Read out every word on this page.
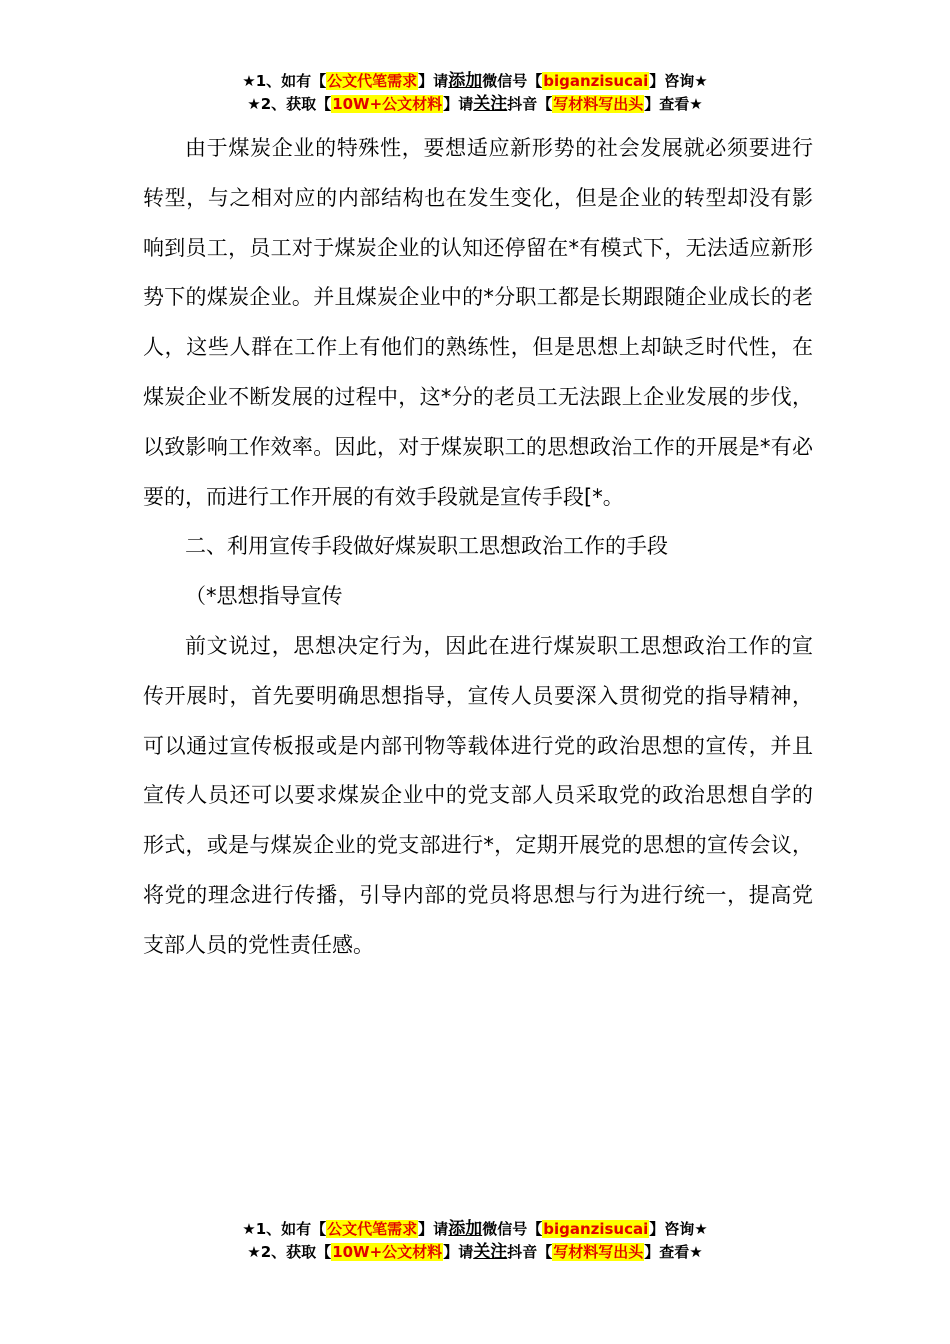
★1、如有【公文代笔需求】请添加微信号【biganzisucai】咨询★
★2、获取【10W+公文材料】请关注抖音【写材料写出头】查看★

由于煤炭企业的特殊性，要想适应新形势的社会发展就必须要进行转型，与之相对应的内部结构也在发生变化，但是企业的转型却没有影响到员工，员工对于煤炭企业的认知还停留在*有模式下，无法适应新形势下的煤炭企业。并且煤炭企业中的*分职工都是长期跟随企业成长的老人，这些人群在工作上有他们的熟练性，但是思想上却缺乏时代性，在煤炭企业不断发展的过程中，这*分的老员工无法跟上企业发展的步伐，以致影响工作效率。因此，对于煤炭职工的思想政治工作的开展是*有必要的，而进行工作开展的有效手段就是宣传手段[*。

二、利用宣传手段做好煤炭职工思想政治工作的手段

（*思想指导宣传

前文说过，思想决定行为，因此在进行煤炭职工思想政治工作的宣传开展时，首先要明确思想指导，宣传人员要深入贯彻党的指导精神，可以通过宣传板报或是内部刊物等载体进行党的政治思想的宣传，并且宣传人员还可以要求煤炭企业中的党支部人员采取党的政治思想自学的形式，或是与煤炭企业的党支部进行*，定期开展党的思想的宣传会议，将党的理念进行传播，引导内部的党员将思想与行为进行统一，提高党支部人员的党性责任感。

★1、如有【公文代笔需求】请添加微信号【biganzisucai】咨询★
★2、获取【10W+公文材料】请关注抖音【写材料写出头】查看★
